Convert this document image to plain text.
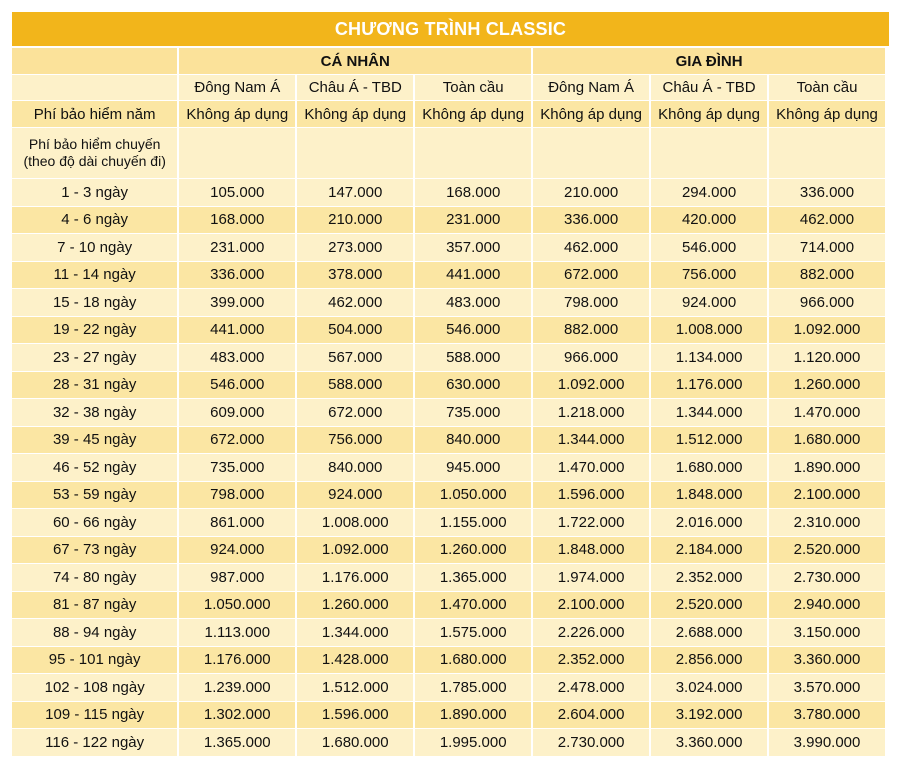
CHƯƠNG TRÌNH CLASSIC
	CÁ NHÂN			GIA ĐÌNH		
	Đông Nam Á	Châu Á - TBD	Toàn cầu	Đông Nam Á	Châu Á - TBD	Toàn cầu
Phí bảo hiểm năm	Không áp dụng	Không áp dụng	Không áp dụng	Không áp dụng	Không áp dụng	Không áp dụng

Phí bảo hiểm chuyến
(theo độ dài chuyến đi)						

1 - 3 ngày	105.000	147.000	168.000	210.000	294.000	336.000
4 - 6 ngày	168.000	210.000	231.000	336.000	420.000	462.000
7 - 10 ngày	231.000	273.000	357.000	462.000	546.000	714.000
11 - 14 ngày	336.000	378.000	441.000	672.000	756.000	882.000
15 - 18 ngày	399.000	462.000	483.000	798.000	924.000	966.000
19 - 22 ngày	441.000	504.000	546.000	882.000	1.008.000	1.092.000
23 - 27 ngày	483.000	567.000	588.000	966.000	1.134.000	1.120.000
28 - 31 ngày	546.000	588.000	630.000	1.092.000	1.176.000	1.260.000
32 - 38 ngày	609.000	672.000	735.000	1.218.000	1.344.000	1.470.000
39 - 45 ngày	672.000	756.000	840.000	1.344.000	1.512.000	1.680.000
46 - 52 ngày	735.000	840.000	945.000	1.470.000	1.680.000	1.890.000
53 - 59 ngày	798.000	924.000	1.050.000	1.596.000	1.848.000	2.100.000
60 - 66 ngày	861.000	1.008.000	1.155.000	1.722.000	2.016.000	2.310.000
67 - 73 ngày	924.000	1.092.000	1.260.000	1.848.000	2.184.000	2.520.000
74 - 80 ngày	987.000	1.176.000	1.365.000	1.974.000	2.352.000	2.730.000
81 - 87 ngày	1.050.000	1.260.000	1.470.000	2.100.000	2.520.000	2.940.000
88 - 94 ngày	1.113.000	1.344.000	1.575.000	2.226.000	2.688.000	3.150.000
95 - 101 ngày	1.176.000	1.428.000	1.680.000	2.352.000	2.856.000	3.360.000
102 - 108 ngày	1.239.000	1.512.000	1.785.000	2.478.000	3.024.000	3.570.000
109 - 115 ngày	1.302.000	1.596.000	1.890.000	2.604.000	3.192.000	3.780.000
116 - 122 ngày	1.365.000	1.680.000	1.995.000	2.730.000	3.360.000	3.990.000
